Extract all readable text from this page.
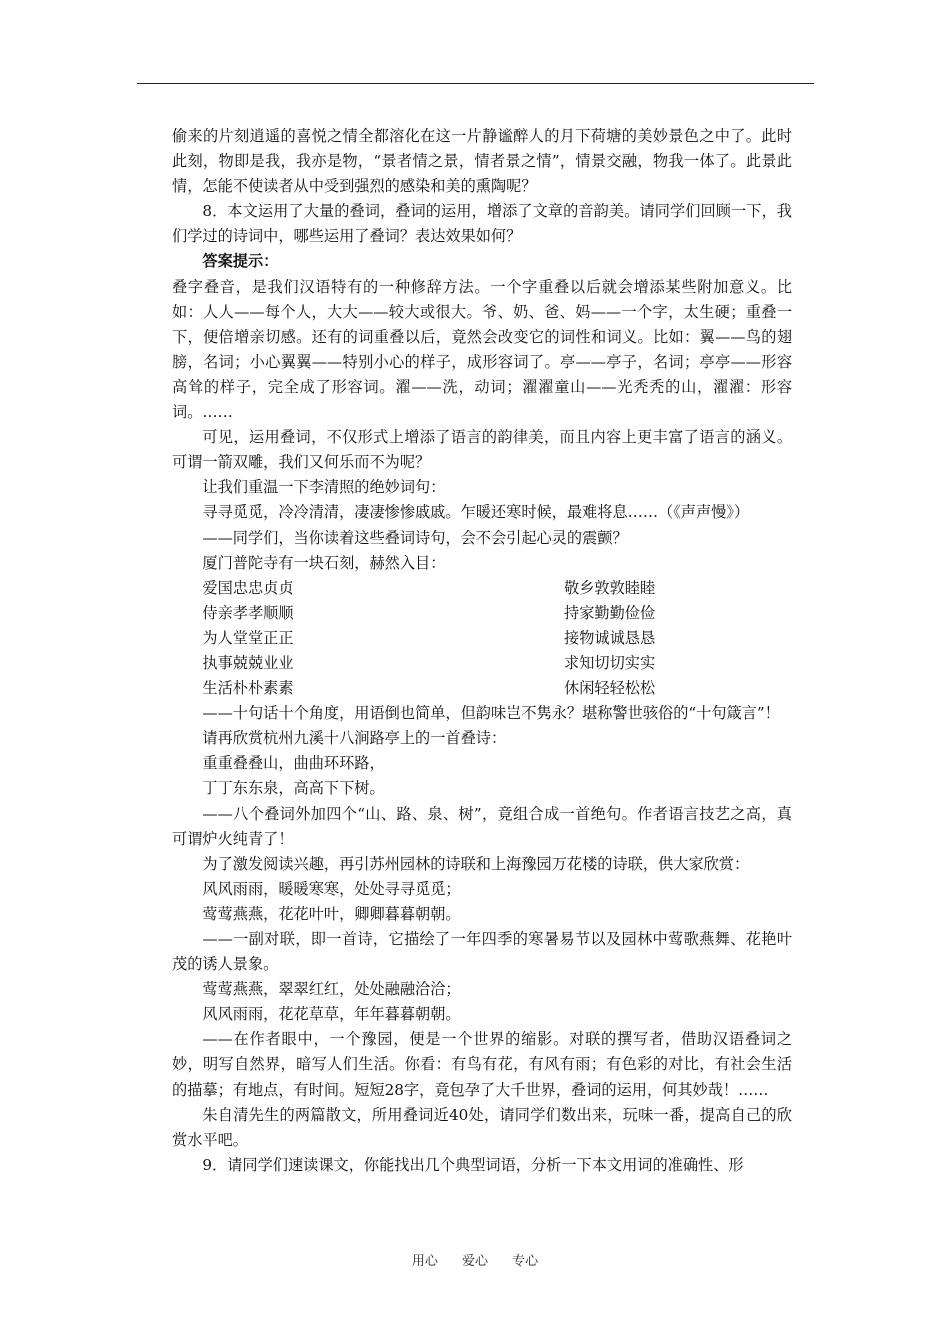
偷来的片刻逍遥的喜悦之情全都溶化在这一片静谧醉人的月下荷塘的美妙景色之中了。此时此刻，物即是我，我亦是物，“景者情之景，情者景之情”，情景交融，物我一体了。此景此情，怎能不使读者从中受到强烈的感染和美的熏陶呢？

8．本文运用了大量的叠词，叠词的运用，增添了文章的音韵美。请同学们回顾一下，我们学过的诗词中，哪些运用了叠词？表达效果如何？

答案提示：

叠字叠音，是我们汉语特有的一种修辞方法。一个字重叠以后就会增添某些附加意义。比如：人人——每个人，大大——较大或很大。爷、奶、爸、妈——一个字，太生硬；重叠一下，便倍增亲切感。还有的词重叠以后，竟然会改变它的词性和词义。比如：翼——鸟的翅膀，名词；小心翼翼——特别小心的样子，成形容词了。亭——亭子，名词；亭亭——形容高耸的样子，完全成了形容词。濯——洗，动词；濯濯童山——光秃秃的山，濯濯：形容词。……

可见，运用叠词，不仅形式上增添了语言的韵律美，而且内容上更丰富了语言的涵义。可谓一箭双雕，我们又何乐而不为呢？

让我们重温一下李清照的绝妙词句：

寻寻觅觅，冷冷清清，凄凄惨惨戚戚。乍暖还寒时候，最难将息……（《声声慢》）

——同学们，当你读着这些叠词诗句，会不会引起心灵的震颤？

厦门普陀寺有一块石刻，赫然入目：

爱国忠忠贞贞	敬乡敦敦睦睦
侍亲孝孝顺顺	持家勤勤俭俭
为人堂堂正正	接物诚诚恳恳
执事兢兢业业	求知切切实实
生活朴朴素素	休闲轻轻松松

——十句话十个角度，用语倒也简单，但韵味岂不隽永？堪称警世骇俗的“十句箴言”！

请再欣赏杭州九溪十八涧路亭上的一首叠诗：

重重叠叠山，曲曲环环路，

丁丁东东泉，高高下下树。

——八个叠词外加四个“山、路、泉、树”，竟组合成一首绝句。作者语言技艺之高，真可谓炉火纯青了！

为了激发阅读兴趣，再引苏州园林的诗联和上海豫园万花楼的诗联，供大家欣赏：

风风雨雨，暖暖寒寒，处处寻寻觅觅；

莺莺燕燕，花花叶叶，卿卿暮暮朝朝。

——一副对联，即一首诗，它描绘了一年四季的寒暑易节以及园林中莺歌燕舞、花艳叶茂的诱人景象。

莺莺燕燕，翠翠红红，处处融融洽洽；

风风雨雨，花花草草，年年暮暮朝朝。

——在作者眼中，一个豫园，便是一个世界的缩影。对联的撰写者，借助汉语叠词之妙，明写自然界，暗写人们生活。你看：有鸟有花，有风有雨；有色彩的对比，有社会生活的描摹；有地点，有时间。短短28字，竟包孕了大千世界，叠词的运用，何其妙哉！……

朱自清先生的两篇散文，所用叠词近40处，请同学们数出来，玩味一番，提高自己的欣赏水平吧。

9．请同学们速读课文，你能找出几个典型词语，分析一下本文用词的准确性、形

用心 爱心 专心
